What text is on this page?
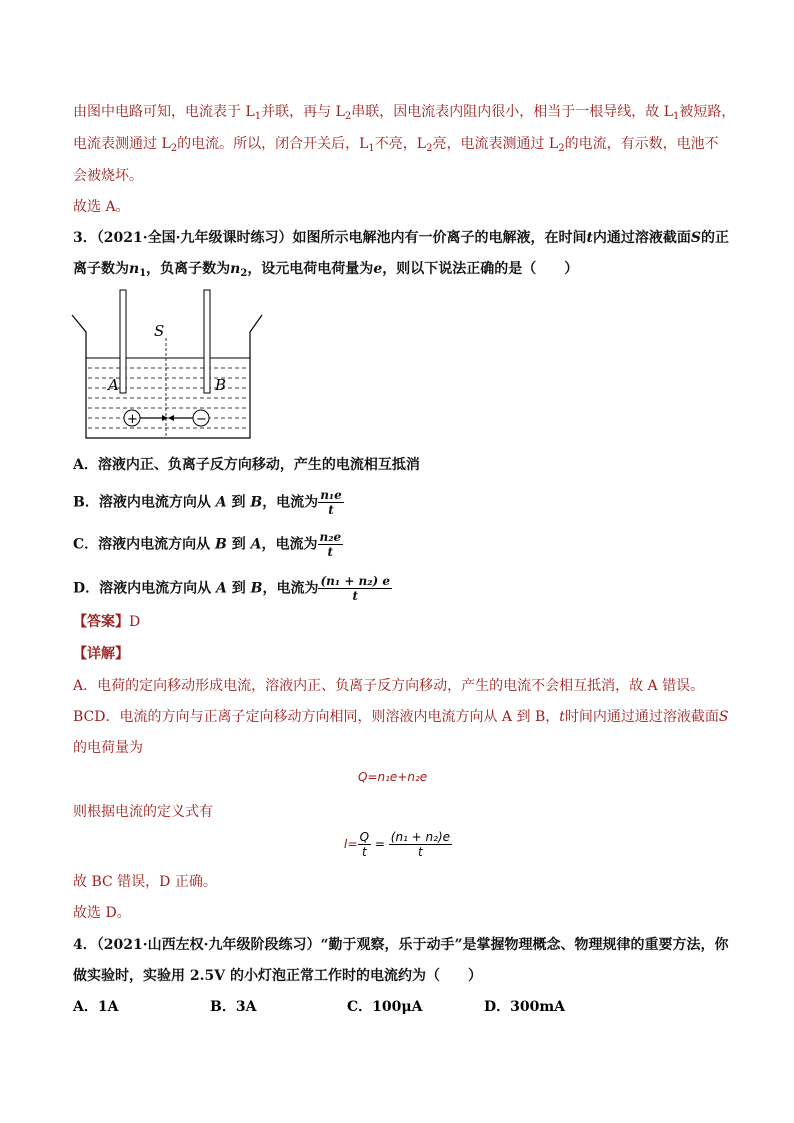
由图中电路可知，电流表于 $L_1$并联，再与 $L_2$串联，因电流表内阻内很小，相当于一根导线，故 $L_1$被短路，
电流表测通过 $L_2$的电流。所以，闭合开关后，$L_1$不亮，$L_2$亮，电流表测通过 $L_2$的电流，有示数，电池不
会被烧坏。
故选 A。
3．（2021·全国·九年级课时练习）如图所示电解池内有一价离子的电解液，在时间t内通过溶液截面S的正
离子数为$n_1$，负离子数为$n_2$，设元电荷电荷量为e，则以下说法正确的是（　　）
S
A	B
+	−
A．溶液内正、负离子反方向移动，产生的电流相互抵消
B．溶液内电流方向从 A 到 B，电流为 $\frac{\text{n₁e}}{t}$
C．溶液内电流方向从 B 到 A，电流为 $\frac{\text{n₂e}}{t}$
D．溶液内电流方向从 A 到 B，电流为 $\frac{\text{(n₁ + n₂) e}}{t}$
【答案】D
【详解】
A．电荷的定向移动形成电流，溶液内正、负离子反方向移动，产生的电流不会相互抵消，故 A 错误。
BCD．电流的方向与正离子定向移动方向相同，则溶液内电流方向从 A 到 B，t时间内通过通过溶液截面S
的电荷量为
Q=n₁e+n₂e
则根据电流的定义式有
$I= \frac{Q}{t} = \frac{\text{(n₁ + n₂)e}}{t}$
故 BC 错误，D 正确。
故选 D。
4．（2021·山西左权·九年级阶段练习）“勤于观察，乐于动手”是掌握物理概念、物理规律的重要方法，你
做实验时，实验用 2.5V 的小灯泡正常工作时的电流约为（　　）
A．1A	B．3A	C．100μA	D．300mA
